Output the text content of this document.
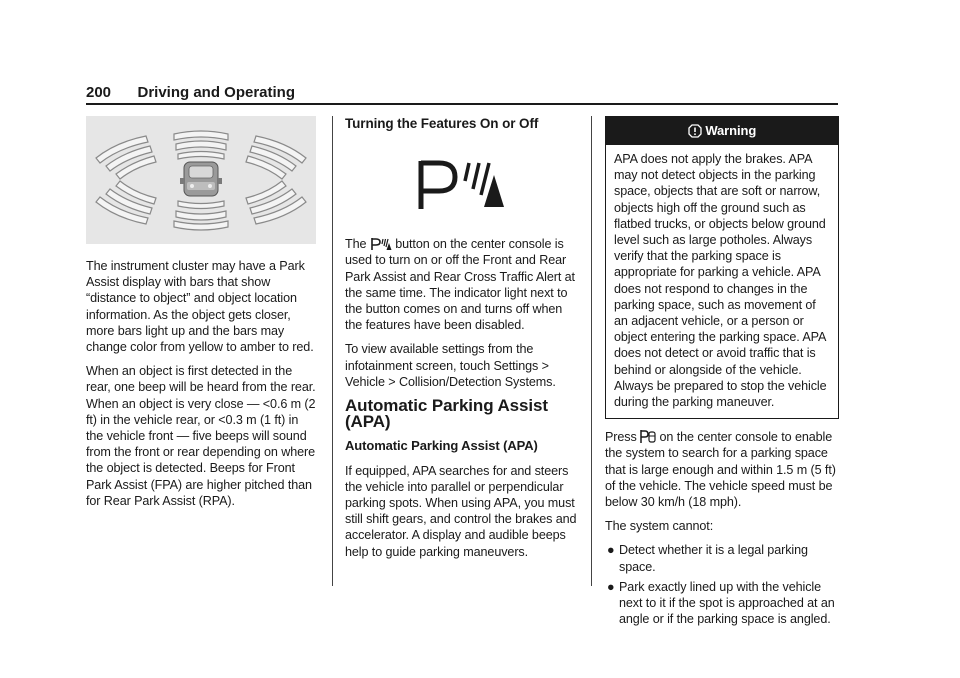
200 Driving and Operating

The instrument cluster may have a Park Assist display with bars that show “distance to object” and object location information. As the object gets closer, more bars light up and the bars may change color from yellow to amber to red.

When an object is first detected in the rear, one beep will be heard from the rear. When an object is very close — <0.6 m (2 ft) in the vehicle rear, or <0.3 m (1 ft) in the vehicle front — five beeps will sound from the front or rear depending on where the object is detected. Beeps for Front Park Assist (FPA) are higher pitched than for Rear Park Assist (RPA).

Turning the Features On or Off

The button on the center console is used to turn on or off the Front and Rear Park Assist and Rear Cross Traffic Alert at the same time. The indicator light next to the button comes on and turns off when the features have been disabled.

To view available settings from the infotainment screen, touch Settings > Vehicle > Collision/Detection Systems.

Automatic Parking Assist (APA)
Automatic Parking Assist (APA)

If equipped, APA searches for and steers the vehicle into parallel or perpendicular parking spots. When using APA, you must still shift gears, and control the brakes and accelerator. A display and audible beeps help to guide parking maneuvers.

Warning
APA does not apply the brakes. APA may not detect objects in the parking space, objects that are soft or narrow, objects high off the ground such as flatbed trucks, or objects below ground level such as large potholes. Always verify that the parking space is appropriate for parking a vehicle. APA does not respond to changes in the parking space, such as movement of an adjacent vehicle, or a person or object entering the parking space. APA does not detect or avoid traffic that is behind or alongside of the vehicle. Always be prepared to stop the vehicle during the parking maneuver.

Press on the center console to enable the system to search for a parking space that is large enough and within 1.5 m (5 ft) of the vehicle. The vehicle speed must be below 30 km/h (18 mph).

The system cannot:

● Detect whether it is a legal parking space.
● Park exactly lined up with the vehicle next to it if the spot is approached at an angle or if the parking space is angled.
